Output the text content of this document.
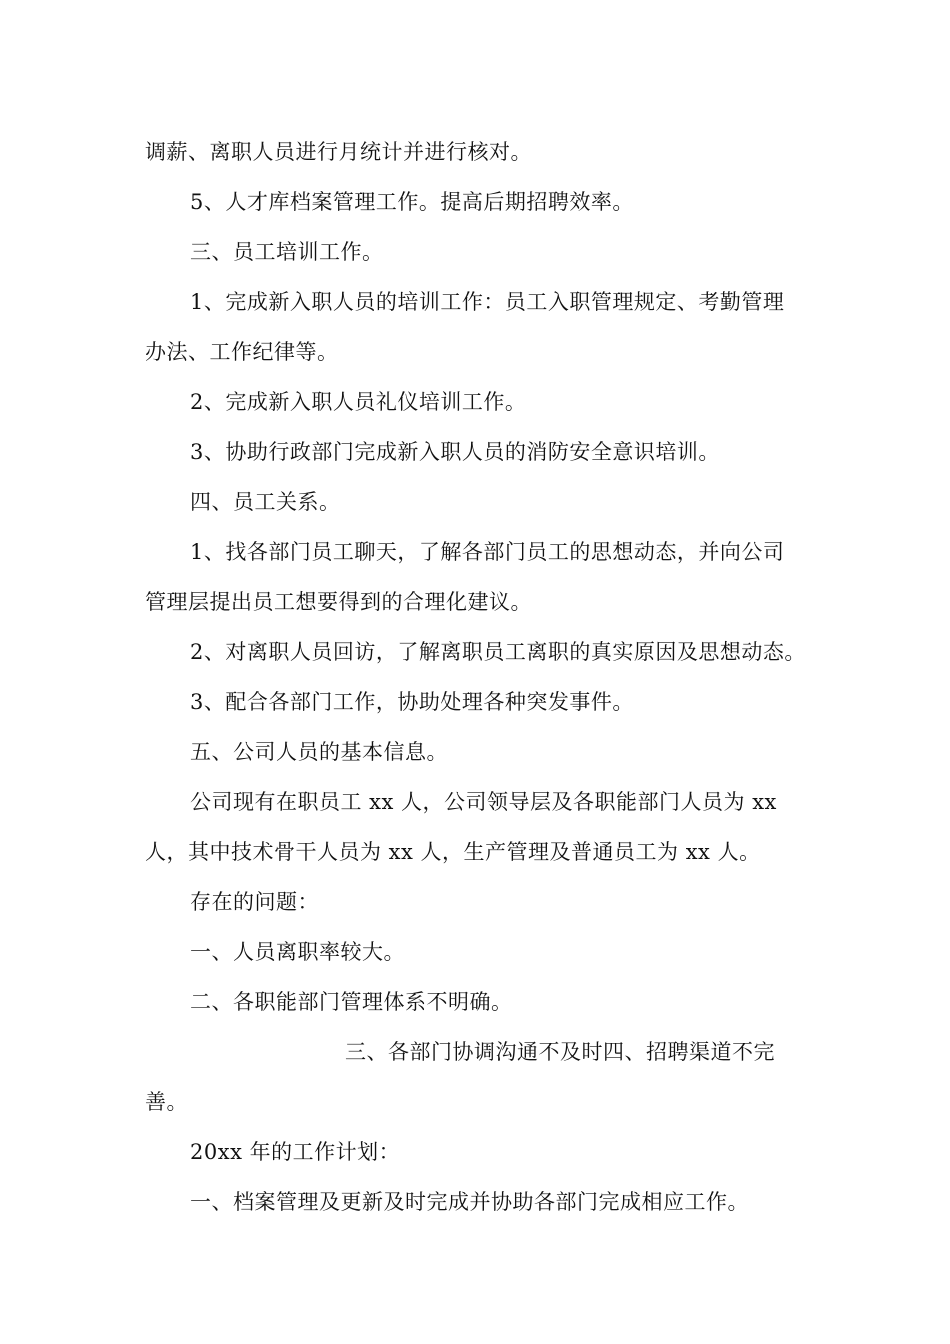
调薪、离职人员进行月统计并进行核对。
5、人才库档案管理工作。提高后期招聘效率。
三、员工培训工作。
1、完成新入职人员的培训工作：员工入职管理规定、考勤管理
办法、工作纪律等。
2、完成新入职人员礼仪培训工作。
3、协助行政部门完成新入职人员的消防安全意识培训。
四、员工关系。
1、找各部门员工聊天，了解各部门员工的思想动态，并向公司
管理层提出员工想要得到的合理化建议。
2、对离职人员回访，了解离职员工离职的真实原因及思想动态。
3、配合各部门工作，协助处理各种突发事件。
五、公司人员的基本信息。
公司现有在职员工 xx 人，公司领导层及各职能部门人员为 xx
人，其中技术骨干人员为 xx 人，生产管理及普通员工为 xx 人。
存在的问题：
一、人员离职率较大。
二、各职能部门管理体系不明确。
三、各部门协调沟通不及时四、招聘渠道不完
善。
20xx 年的工作计划：
一、档案管理及更新及时完成并协助各部门完成相应工作。
